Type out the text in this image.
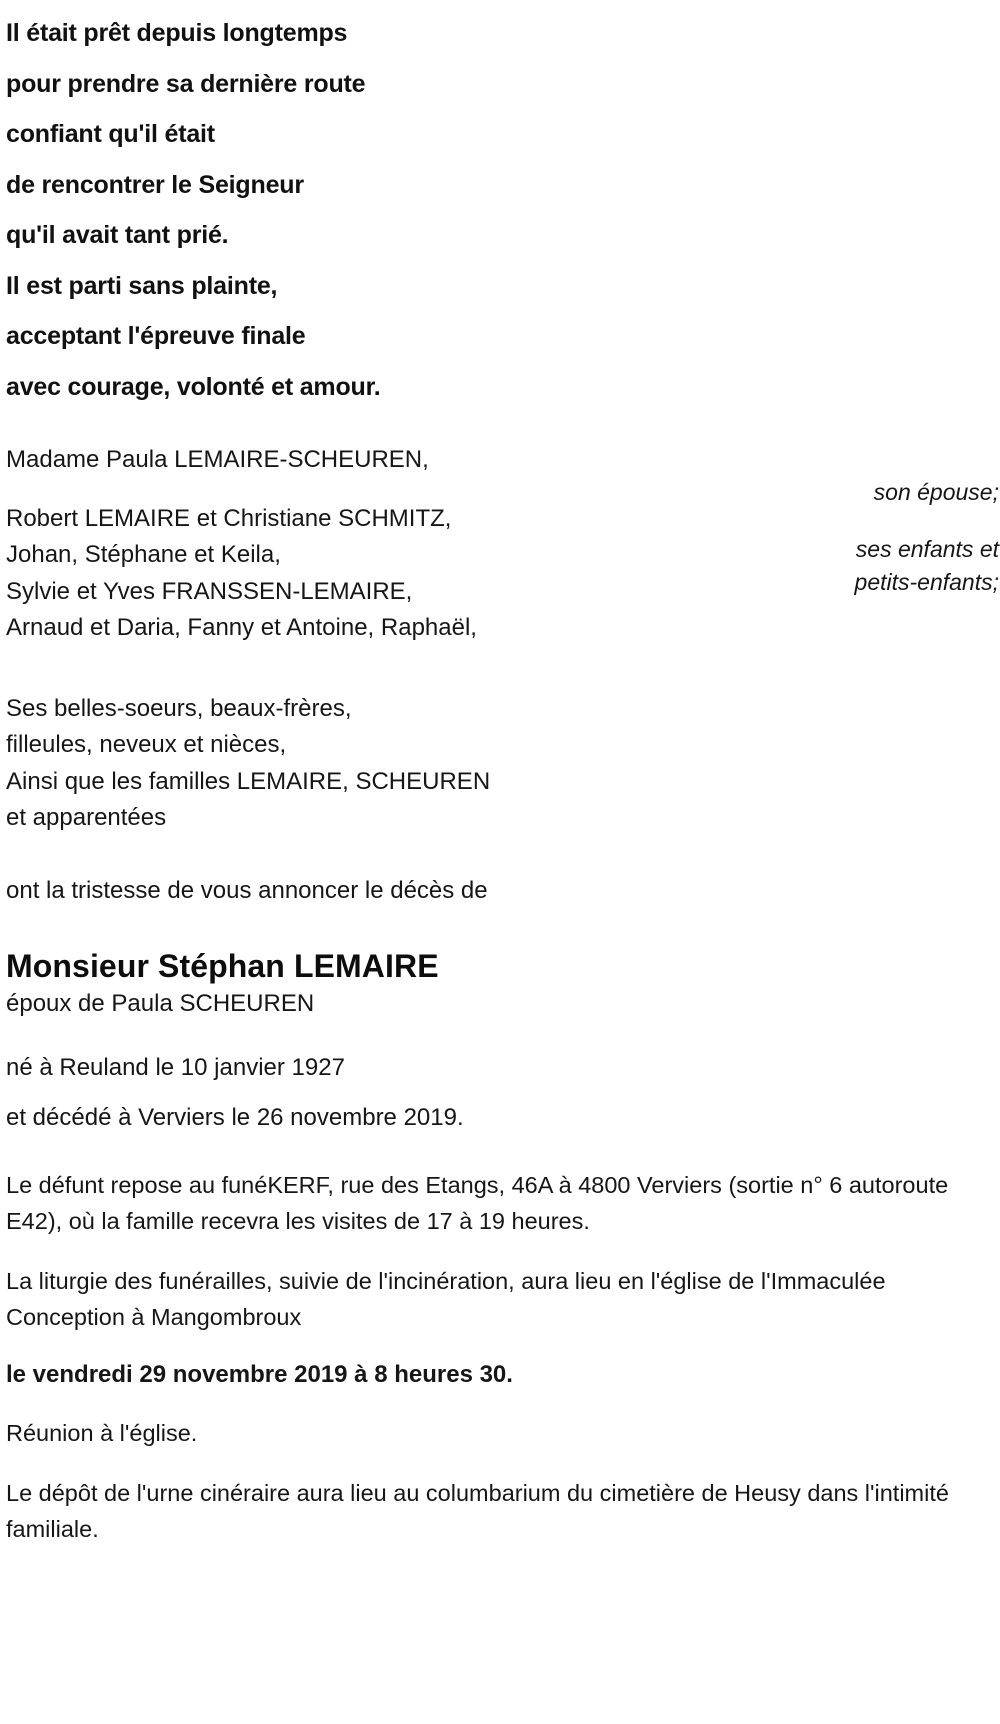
Il était prêt depuis longtemps
pour prendre sa dernière route
confiant qu'il était
de rencontrer le Seigneur
qu'il avait tant prié.
Il est parti sans plainte,
acceptant l'épreuve finale
avec courage, volonté et amour.
Madame Paula LEMAIRE-SCHEUREN,
son épouse;
Robert LEMAIRE et Christiane SCHMITZ,
Johan, Stéphane et Keila,
Sylvie et Yves FRANSSEN-LEMAIRE,
Arnaud et Daria, Fanny et Antoine, Raphaël,
ses enfants et
petits-enfants;
Ses belles-soeurs, beaux-frères,
filleules, neveux et nièces,
Ainsi que les familles LEMAIRE, SCHEUREN
et apparentées
ont la tristesse de vous annoncer le décès de
Monsieur Stéphan LEMAIRE
époux de Paula SCHEUREN
né à Reuland le 10 janvier 1927
et décédé à Verviers le 26 novembre 2019.
Le défunt repose au funéKERF, rue des Etangs, 46A à 4800 Verviers (sortie n° 6 autoroute E42), où la famille recevra les visites de 17 à 19 heures.
La liturgie des funérailles, suivie de l'incinération, aura lieu en l'église de l'Immaculée Conception à Mangombroux
le vendredi 29 novembre 2019 à 8 heures 30.
Réunion à l'église.
Le dépôt de l'urne cinéraire aura lieu au columbarium du cimetière de Heusy dans l'intimité familiale.
